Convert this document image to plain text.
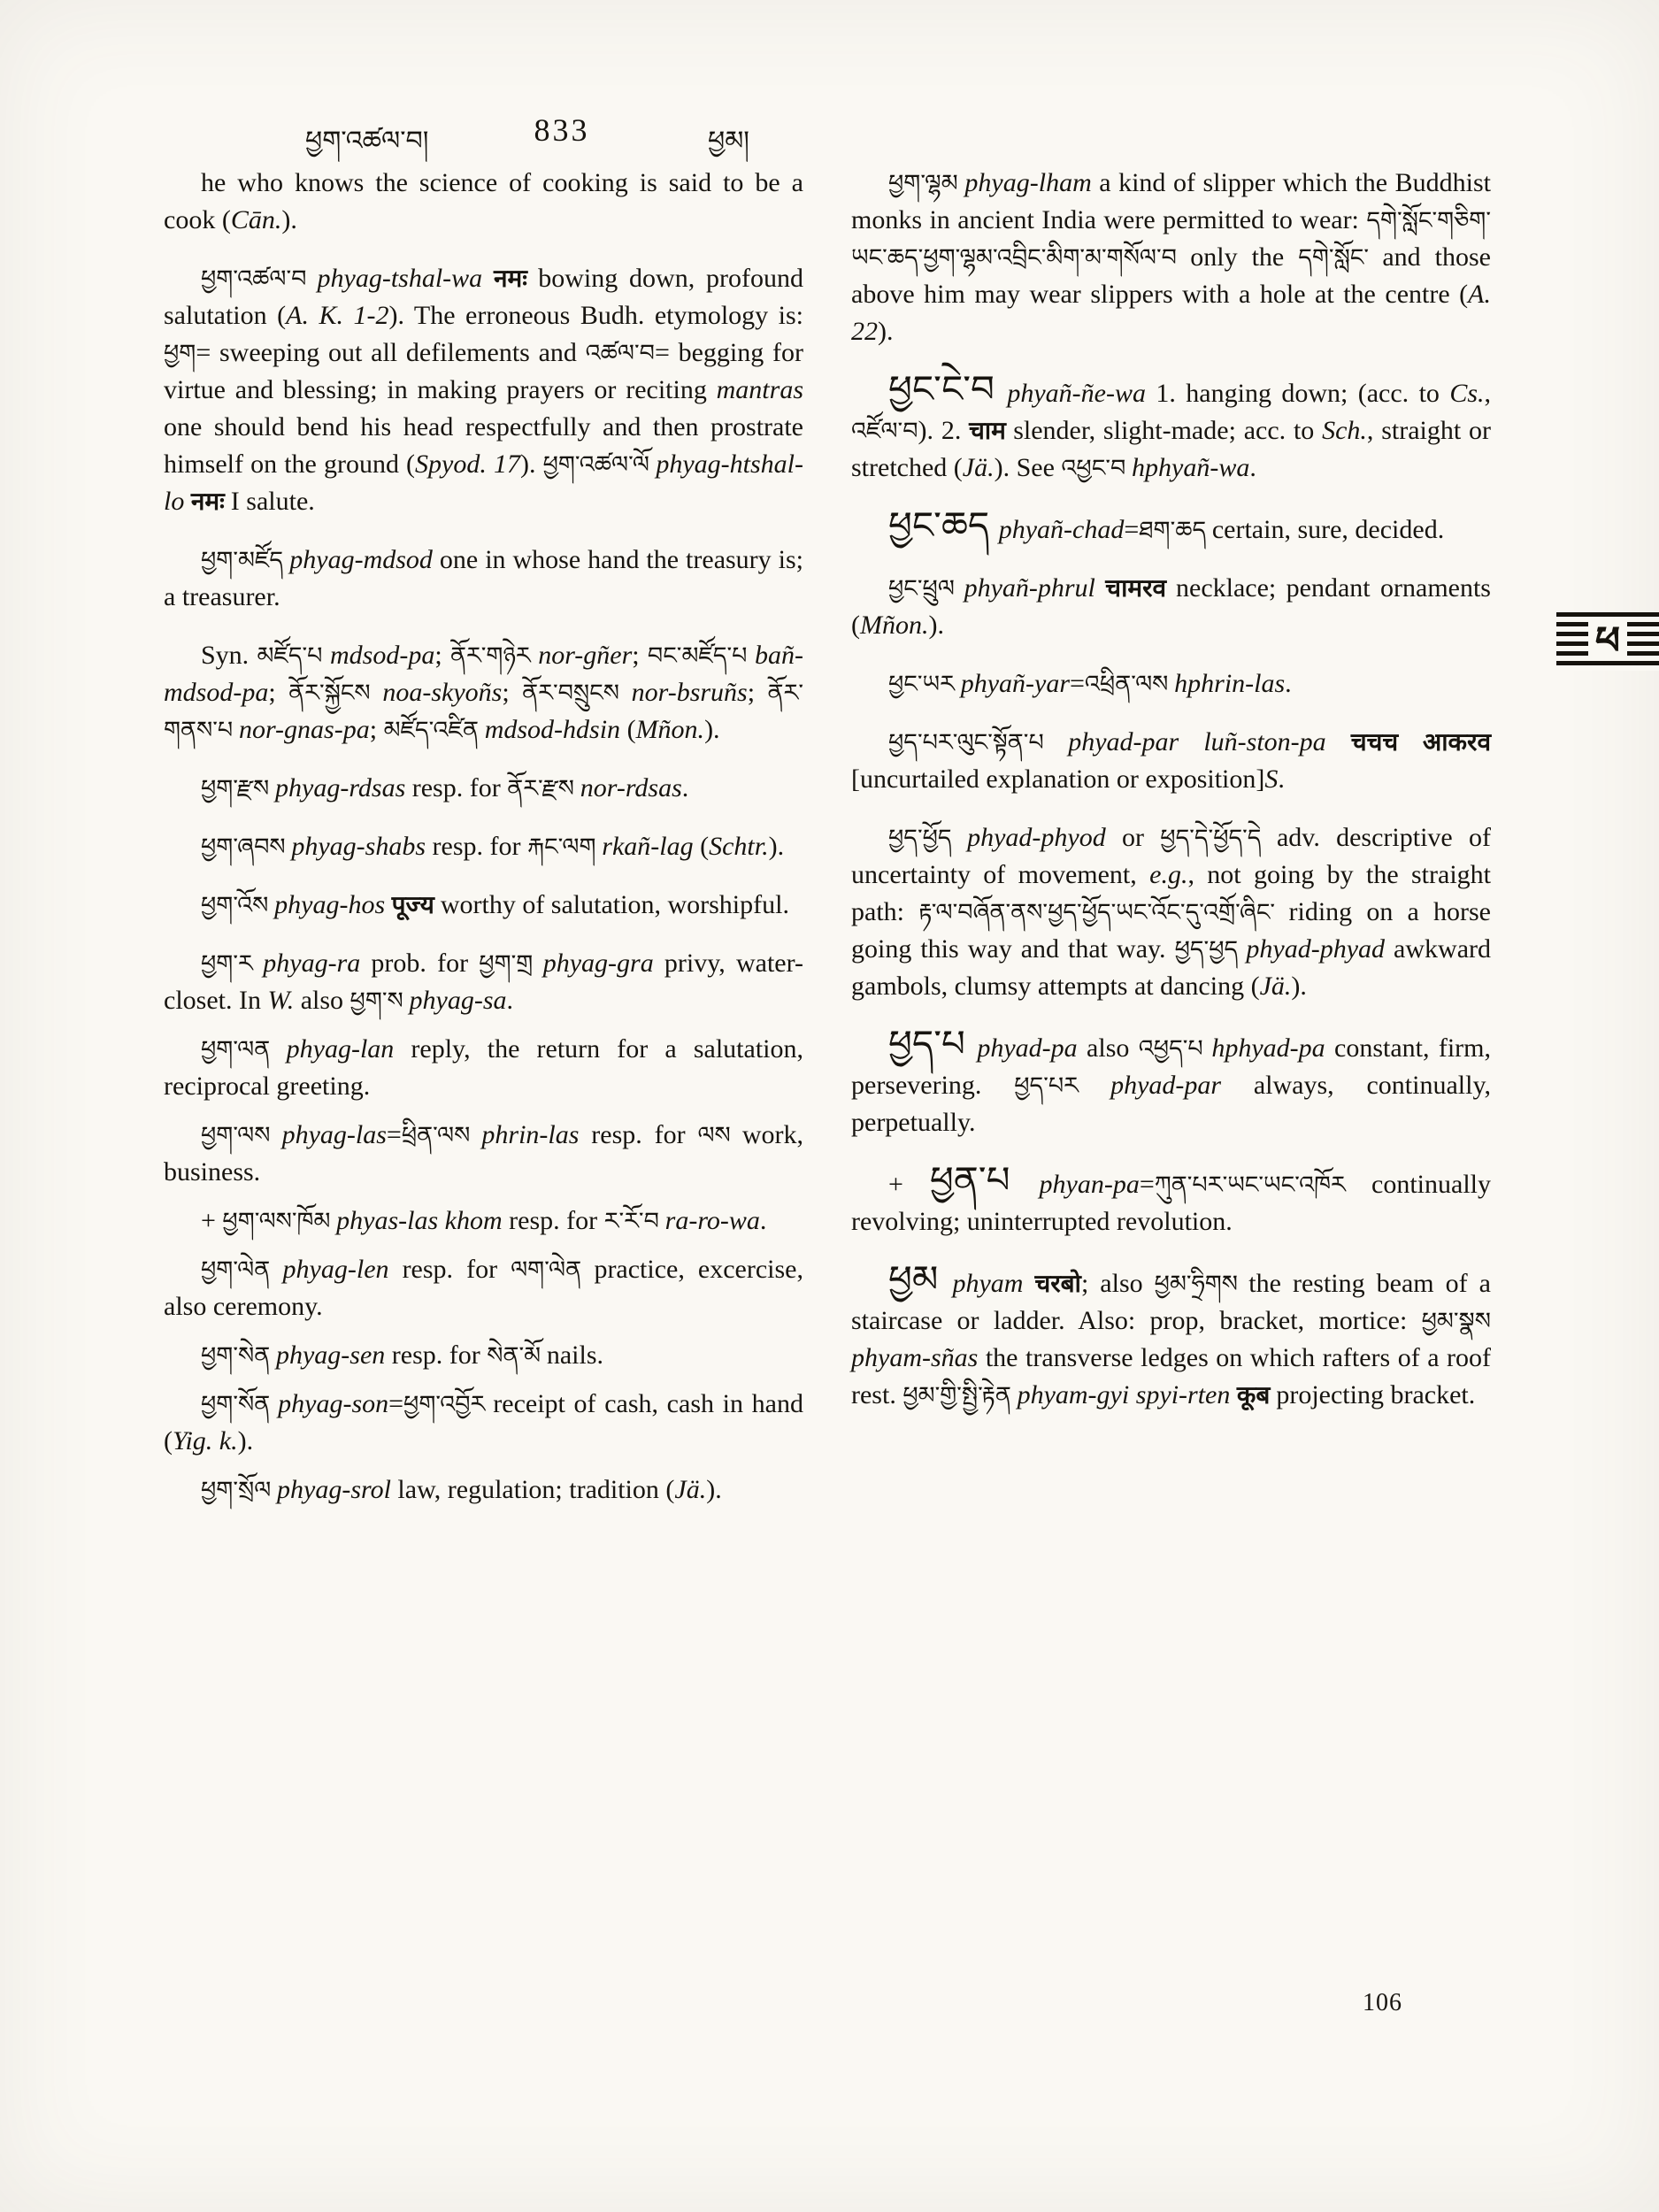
ཕྱག་འཚལ་བ།	833	ཕྱམ།

he who knows the science of cooking is said to be a cook (Cān.).

ཕྱག་འཚལ་བ phyag-tshal-wa नमः bowing down, profound salutation (A. K. 1-2). The erroneous Budh. etymology is: ཕྱག= sweeping out all defilements and འཚལ་བ= begging for virtue and blessing; in making prayers or reciting mantras one should bend his head respectfully and then prostrate himself on the ground (Spyod. 17). ཕྱག་འཚལ་ལོ phyag-htshal-lo नमः I salute.

ཕྱག་མཛོད phyag-mdsod one in whose hand the treasury is; a treasurer.

Syn. མཛོད་པ mdsod-pa; ནོར་གཉེར nor-gñer; བང་མཛོད་པ bañ-mdsod-pa; ནོར་སྐྱོངས noa-skyoñs; ནོར་བསྲུངས nor-bsruñs; ནོར་གནས་པ nor-gnas-pa; མཛོད་འཛིན mdsod-hdsin (Mñon.).

ཕྱག་རྫས phyag-rdsas resp. for ནོར་རྫས nor-rdsas.

ཕྱག་ཞབས phyag-shabs resp. for རྐང་ལག rkañ-lag (Schtr.).

ཕྱག་འོས phyag-hos पूज्य worthy of salutation, worshipful.

ཕྱག་ར phyag-ra prob. for ཕྱག་གྲ phyag-gra privy, water-closet. In W. also ཕྱག་ས phyag-sa.

ཕྱག་ལན phyag-lan reply, the return for a salutation, reciprocal greeting.

ཕྱག་ལས phyag-las=ཕྲིན་ལས phrin-las resp. for ལས work, business.

+ ཕྱག་ལས་ཁོམ phyas-las khom resp. for ར་རོ་བ ra-ro-wa.

ཕྱག་ལེན phyag-len resp. for ལག་ལེན practice, excercise, also ceremony.

ཕྱག་སེན phyag-sen resp. for སེན་མོ nails.

ཕྱག་སོན phyag-son=ཕྱག་འབྱོར receipt of cash, cash in hand (Yig. k.).

ཕྱག་སྲོལ phyag-srol law, regulation; tradition (Jä.).

ཕྱག་ལྷམ phyag-lham a kind of slipper which the Buddhist monks in ancient India were permitted to wear: དགེ་སློང་གཅིག་ཡང་ཆད་ཕྱག་ལྷམ་འབྲིང་མིག་མ་གསོལ་བ only the དགེ་སློང་ and those above him may wear slippers with a hole at the centre (A. 22).

ཕྱང་ངེ་བ phyañ-ñe-wa 1. hanging down; (acc. to Cs., འཛོལ་བ). 2. चाम slender, slight-made; acc. to Sch., straight or stretched (Jä.). See འཕྱང་བ hphyañ-wa.

ཕྱང་ཆད phyañ-chad=ཐག་ཆད certain, sure, decided.

ཕྱང་ཕྲུལ phyañ-phrul चामरव necklace; pendant ornaments (Mñon.).

ཕྱང་ཡར phyañ-yar=འཕྲིན་ལས hphrin-las.

ཕྱད་པར་ལུང་སྟོན་པ phyad-par luñ-ston-pa चचच आकरव [uncurtailed explanation or exposition]S.

ཕྱད་ཕྱོད phyad-phyod or ཕྱད་དེ་ཕྱོད་དེ adv. descriptive of uncertainty of movement, e.g., not going by the straight path: རྟ་ལ་བཞོན་ནས་ཕྱད་ཕྱོད་ཡང་འོང་དུ་འགྲོ་ཞིང་ riding on a horse going this way and that way. ཕྱད་ཕྱད phyad-phyad awkward gambols, clumsy attempts at dancing (Jä.).

ཕྱད་པ phyad-pa also འཕྱད་པ hphyad-pa constant, firm, persevering. ཕྱད་པར phyad-par always, continually, perpetually.

+ ཕྱན་པ phyan-pa=ཀུན་པར་ཡང་ཡང་འཁོར continually revolving; uninterrupted revolution.

ཕྱམ phyam चरबो; also ཕྱམ་ཧྲིགས the resting beam of a staircase or ladder. Also: prop, bracket, mortice: ཕྱམ་སྣས phyam-sñas the transverse ledges on which rafters of a roof rest. ཕྱམ་གྱི་སྤྱི་རྟེན phyam-gyi spyi-rten कूब projecting bracket.

ཕ
106
